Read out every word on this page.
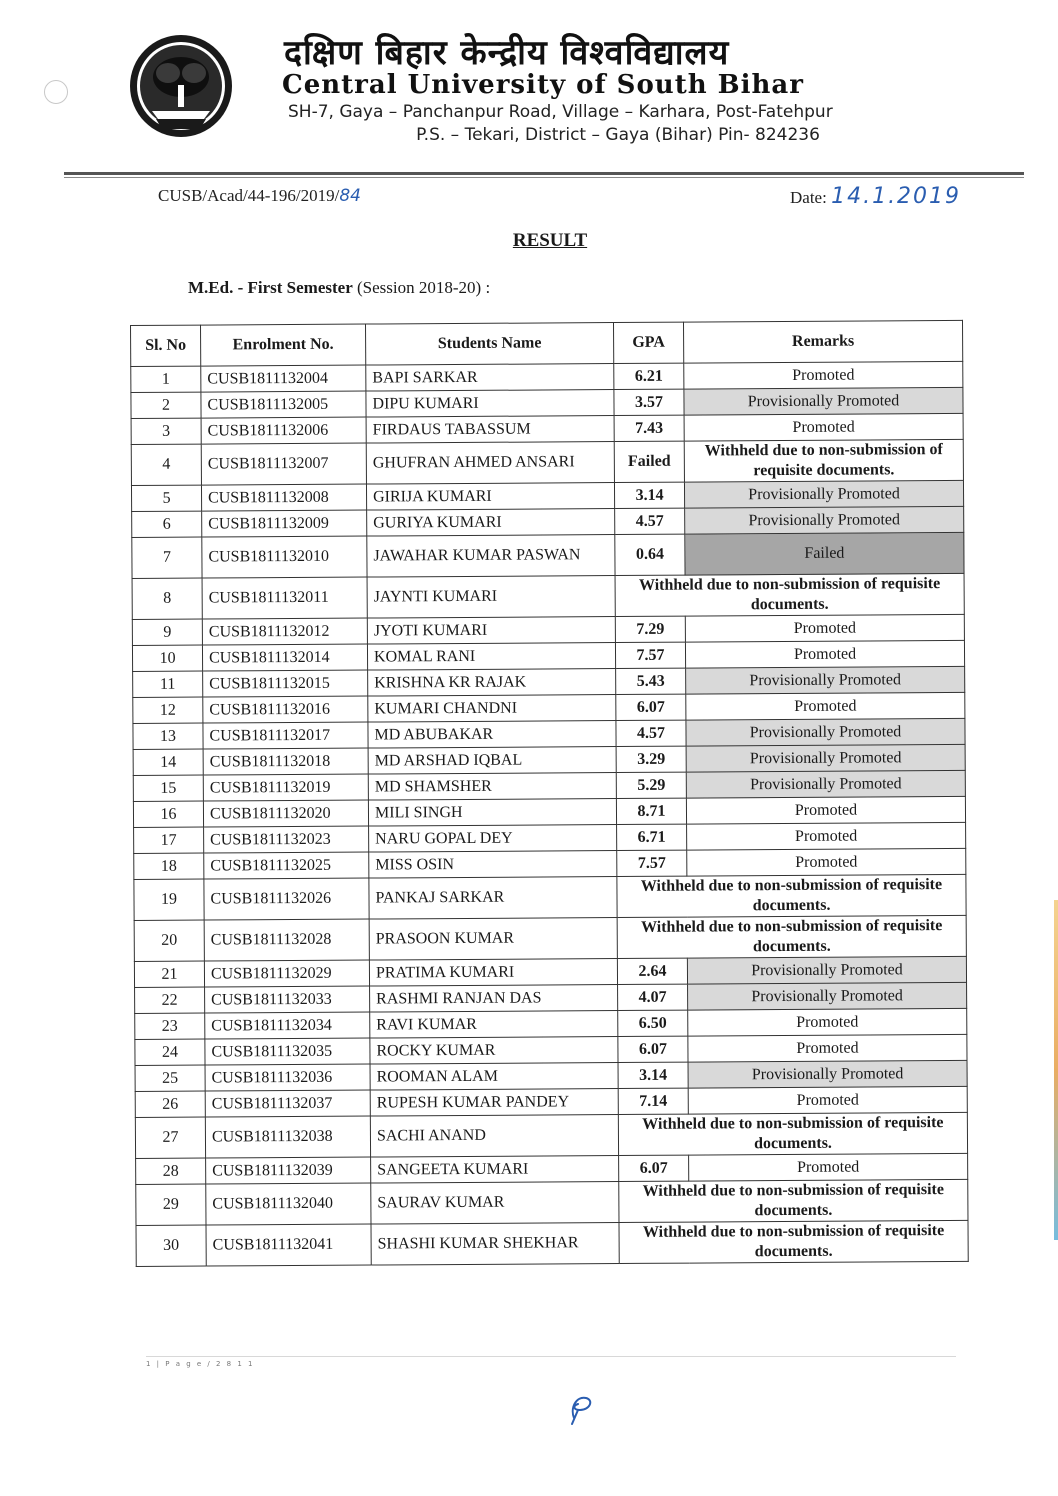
दक्षिण बिहार केन्द्रीय विश्वविद्यालय
Central University of South Bihar
SH-7, Gaya – Panchanpur Road, Village – Karhara, Post-Fatehpur
P.S. – Tekari, District – Gaya (Bihar) Pin- 824236
CUSB/Acad/44-196/2019/84	Date: 14.1.2019
RESULT
M.Ed. - First Semester (Session 2018-20) :
Sl. No	Enrolment No.	Students Name	GPA	Remarks
1	CUSB1811132004	BAPI SARKAR	6.21	Promoted
2	CUSB1811132005	DIPU KUMARI	3.57	Provisionally Promoted
3	CUSB1811132006	FIRDAUS TABASSUM	7.43	Promoted
4	CUSB1811132007	GHUFRAN AHMED ANSARI	Failed	Withheld due to non-submission of requisite documents.
5	CUSB1811132008	GIRIJA KUMARI	3.14	Provisionally Promoted
6	CUSB1811132009	GURIYA KUMARI	4.57	Provisionally Promoted
7	CUSB1811132010	JAWAHAR KUMAR PASWAN	0.64	Failed
8	CUSB1811132011	JAYNTI KUMARI	Withheld due to non-submission of requisite documents.	
9	CUSB1811132012	JYOTI KUMARI	7.29	Promoted
10	CUSB1811132014	KOMAL RANI	7.57	Promoted
11	CUSB1811132015	KRISHNA KR RAJAK	5.43	Provisionally Promoted
12	CUSB1811132016	KUMARI CHANDNI	6.07	Promoted
13	CUSB1811132017	MD ABUBAKAR	4.57	Provisionally Promoted
14	CUSB1811132018	MD ARSHAD IQBAL	3.29	Provisionally Promoted
15	CUSB1811132019	MD SHAMSHER	5.29	Provisionally Promoted
16	CUSB1811132020	MILI SINGH	8.71	Promoted
17	CUSB1811132023	NARU GOPAL DEY	6.71	Promoted
18	CUSB1811132025	MISS OSIN	7.57	Promoted
19	CUSB1811132026	PANKAJ SARKAR	Withheld due to non-submission of requisite documents.	
20	CUSB1811132028	PRASOON KUMAR	Withheld due to non-submission of requisite documents.	
21	CUSB1811132029	PRATIMA KUMARI	2.64	Provisionally Promoted
22	CUSB1811132033	RASHMI RANJAN DAS	4.07	Provisionally Promoted
23	CUSB1811132034	RAVI KUMAR	6.50	Promoted
24	CUSB1811132035	ROCKY KUMAR	6.07	Promoted
25	CUSB1811132036	ROOMAN ALAM	3.14	Provisionally Promoted
26	CUSB1811132037	RUPESH KUMAR PANDEY	7.14	Promoted
27	CUSB1811132038	SACHI ANAND	Withheld due to non-submission of requisite documents.	
28	CUSB1811132039	SANGEETA KUMARI	6.07	Promoted
29	CUSB1811132040	SAURAV KUMAR	Withheld due to non-submission of requisite documents.	
30	CUSB1811132041	SHASHI KUMAR SHEKHAR	Withheld due to non-submission of requisite documents.	
1 | P a g e / 2 8 1 1
